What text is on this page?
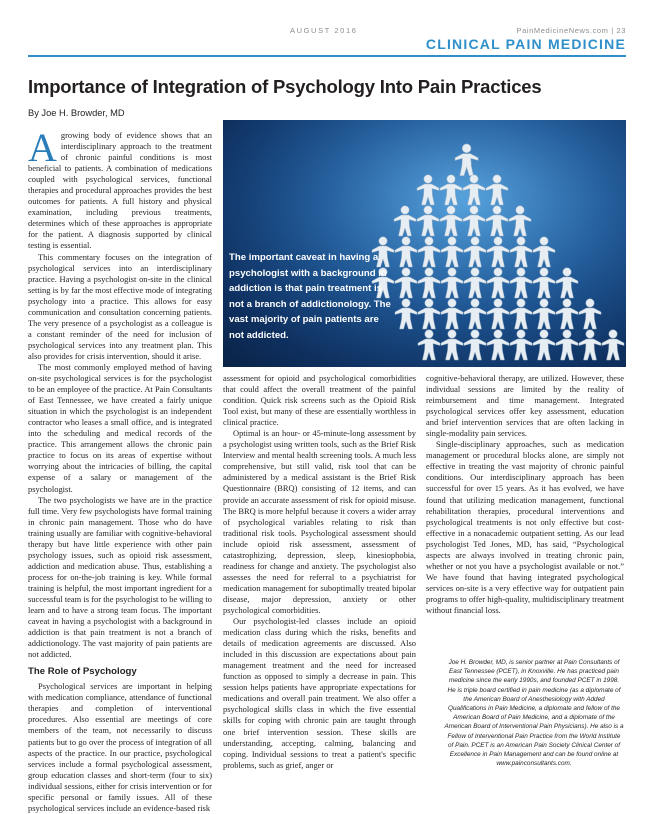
AUGUST 2016	PainMedicineNews.com | 23
CLINICAL PAIN MEDICINE
Importance of Integration of Psychology Into Pain Practices
By Joe H. Browder, MD

Agrowing body of evidence shows that an interdisciplinary approach to the treatment of chronic painful conditions is most beneficial to patients. A combination of medications coupled with psychological services, functional therapies and procedural approaches provides the best outcomes for patients. A full history and physical examination, including previous treatments, determines which of these approaches is appropriate for the patient. A diagnosis supported by clinical testing is essential.

This commentary focuses on the integration of psychological services into an interdisciplinary practice. Having a psychologist on-site in the clinical setting is by far the most effective mode of integrating psychology into a practice. This allows for easy communication and consultation concerning patients. The very presence of a psychologist as a colleague is a constant reminder of the need for inclusion of psychological services into any treatment plan. This also provides for crisis intervention, should it arise.

The most commonly employed method of having on-site psychological services is for the psychologist to be an employee of the practice. At Pain Consultants of East Tennessee, we have created a fairly unique situation in which the psychologist is an independent contractor who leases a small office, and is integrated into the scheduling and medical records of the practice. This arrangement allows the chronic pain practice to focus on its areas of expertise without worrying about the intricacies of billing, the capital expense of a salary or management of the psychologist.

The two psychologists we have are in the practice full time. Very few psychologists have formal training in chronic pain management. Those who do have training usually are familiar with cognitive-behavioral therapy but have little experience with other pain psychology issues, such as opioid risk assessment, addiction and medication abuse. Thus, establishing a process for on-the-job training is key. While formal training is helpful, the most important ingredient for a successful team is for the psychologist to be willing to learn and to have a strong team focus. The important caveat in having a psychologist with a background in addiction is that pain treatment is not a branch of addictionology. The vast majority of pain patients are not addicted.

The Role of Psychology

Psychological services are important in helping with medication compliance, attendance of functional therapies and completion of interventional procedures. Also essential are meetings of core members of the team, not necessarily to discuss patients but to go over the process of integration of all aspects of the practice. In our practice, psychological services include a formal psychological assessment, group education classes and short-term (four to six) individual sessions, either for crisis intervention or for specific personal or family issues. All of these psychological services include an evidence-based risk

The important caveat in having a psychologist with a background in addiction is that pain treatment is not a branch of addictionology. The vast majority of pain patients are not addicted.

assessment for opioid and psychological comorbidities that could affect the overall treatment of the painful condition. Quick risk screens such as the Opioid Risk Tool exist, but many of these are essentially worthless in clinical practice.

Optimal is an hour- or 45-minute-long assessment by a psychologist using written tools, such as the Brief Risk Interview and mental health screening tools. A much less comprehensive, but still valid, risk tool that can be administered by a medical assistant is the Brief Risk Questionnaire (BRQ) consisting of 12 items, and can provide an accurate assessment of risk for opioid misuse. The BRQ is more helpful because it covers a wider array of psychological variables relating to risk than traditional risk tools. Psychological assessment should include opioid risk assessment, assessment of catastrophizing, depression, sleep, kinesiophobia, readiness for change and anxiety. The psychologist also assesses the need for referral to a psychiatrist for medication management for suboptimally treated bipolar disease, major depression, anxiety or other psychological comorbidities.

Our psychologist-led classes include an opioid medication class during which the risks, benefits and details of medication agreements are discussed. Also included in this discussion are expectations about pain management treatment and the need for increased function as opposed to simply a decrease in pain. This session helps patients have appropriate expectations for medications and overall pain treatment. We also offer a psychological skills class in which the five essential skills for coping with chronic pain are taught through one brief intervention session. These skills are understanding, accepting, calming, balancing and coping. Individual sessions to treat a patient's specific problems, such as grief, anger or

cognitive-behavioral therapy, are utilized. However, these individual sessions are limited by the reality of reimbursement and time management. Integrated psychological services offer key assessment, education and brief intervention services that are often lacking in single-modality pain services.

Single-disciplinary approaches, such as medication management or procedural blocks alone, are simply not effective in treating the vast majority of chronic painful conditions. Our interdisciplinary approach has been successful for over 15 years. As it has evolved, we have found that utilizing medication management, functional rehabilitation therapies, procedural interventions and psychological treatments is not only effective but cost-effective in a nonacademic outpatient setting. As our lead psychologist Ted Jones, MD, has said, “Psychological aspects are always involved in treating chronic pain, whether or not you have a psychologist available or not.” We have found that having integrated psychological services on-site is a very effective way for outpatient pain programs to offer high-quality, multidisciplinary treatment without financial loss.

Joe H. Browder, MD, is senior partner at Pain Consultants of East Tennessee (PCET), in Knoxville. He has practiced pain medicine since the early 1990s, and founded PCET in 1998. He is triple board certified in pain medicine (as a diplomate of the American Board of Anesthesiology with Added Qualifications in Pain Medicine, a diplomate and fellow of the American Board of Pain Medicine, and a diplomate of the American Board of Interventional Pain Physicians). He also is a Fellow of Interventional Pain Practice from the World Institute of Pain. PCET is an American Pain Society Clinical Center of Excellence in Pain Management and can be found online at www.painconsultants.com.
